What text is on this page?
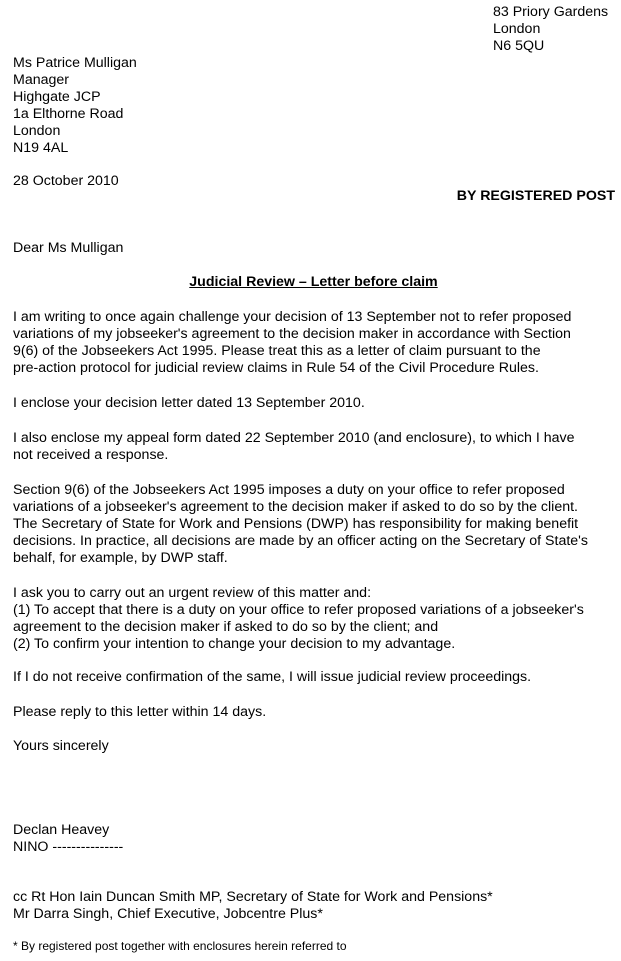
83 Priory Gardens
London
N6 5QU
Ms Patrice Mulligan
Manager
Highgate JCP
1a Elthorne Road
London
N19 4AL
28 October 2010
BY REGISTERED POST
Dear Ms Mulligan
Judicial Review – Letter before claim
I am writing to once again challenge your decision of 13 September not to refer proposed
variations of my jobseeker's agreement to the decision maker in accordance with Section
9(6) of the Jobseekers Act 1995. Please treat this as a letter of claim pursuant to the
pre-action protocol for judicial review claims in Rule 54 of the Civil Procedure Rules.
I enclose your decision letter dated 13 September 2010.
I also enclose my appeal form dated 22 September 2010 (and enclosure), to which I have
not received a response.
Section 9(6) of the Jobseekers Act 1995 imposes a duty on your office to refer proposed
variations of a jobseeker's agreement to the decision maker if asked to do so by the client.
The Secretary of State for Work and Pensions (DWP) has responsibility for making benefit
decisions. In practice, all decisions are made by an officer acting on the Secretary of State's
behalf, for example, by DWP staff.
I ask you to carry out an urgent review of this matter and:
(1) To accept that there is a duty on your office to refer proposed variations of a jobseeker's
agreement to the decision maker if asked to do so by the client; and
(2) To confirm your intention to change your decision to my advantage.
If I do not receive confirmation of the same, I will issue judicial review proceedings.
Please reply to this letter within 14 days.
Yours sincerely
Declan Heavey
NINO ---------------
cc Rt Hon Iain Duncan Smith MP, Secretary of State for Work and Pensions*
Mr Darra Singh, Chief Executive, Jobcentre Plus*
* By registered post together with enclosures herein referred to
